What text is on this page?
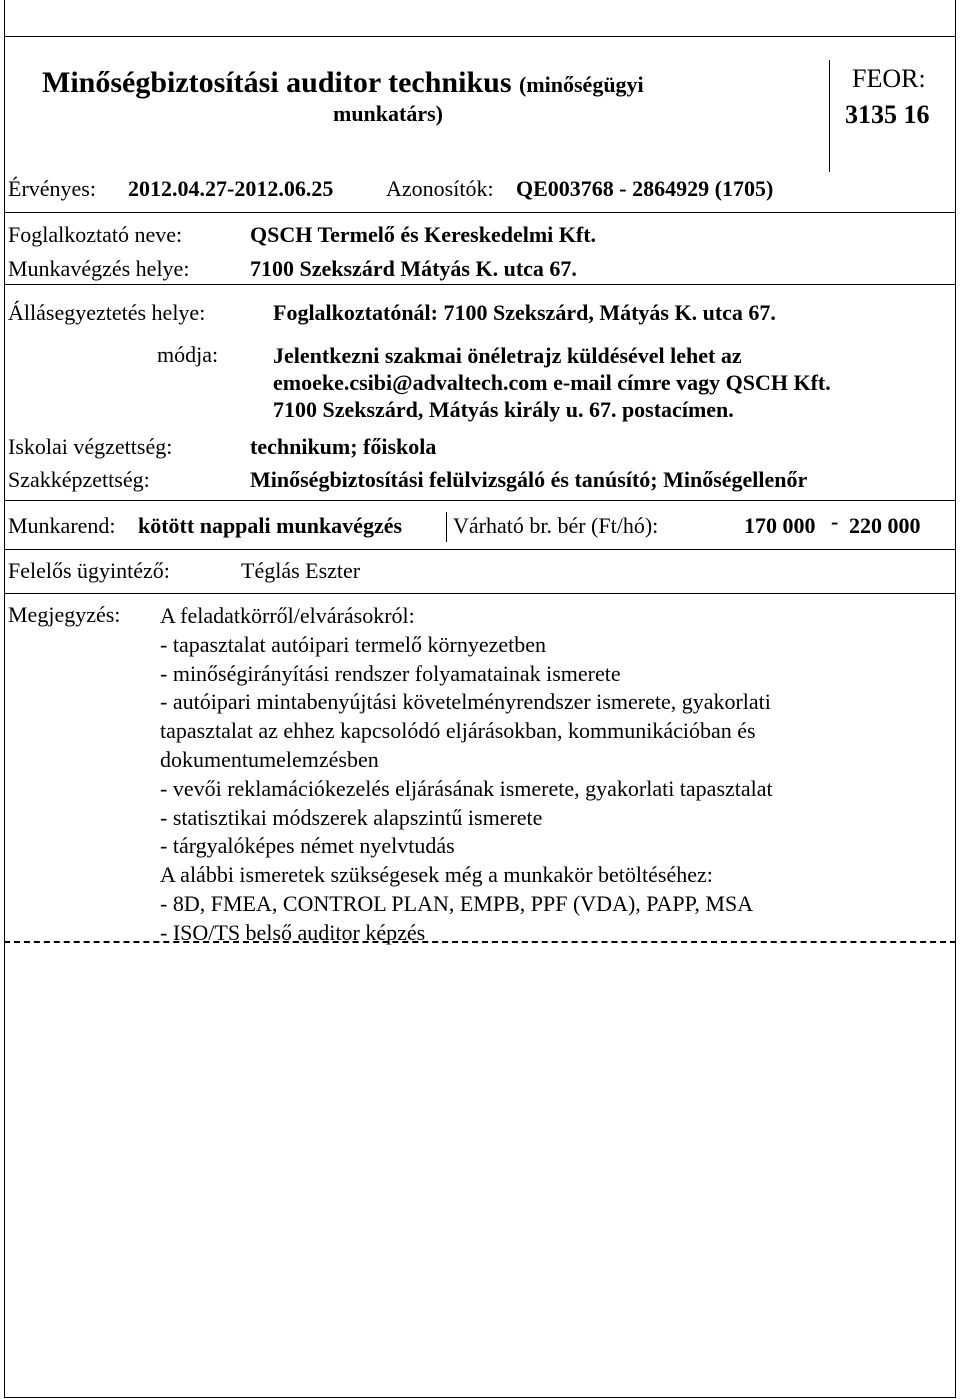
Minőségbiztosítási auditor technikus (minőségügyi
munkatárs)
FEOR:
3135 16
Érvényes: 2012.04.27-2012.06.25 Azonosítók: QE003768 - 2864929 (1705)
Foglalkoztató neve:	QSCH Termelő és Kereskedelmi Kft.
Munkavégzés helye:	7100 Szekszárd Mátyás K. utca 67.
Állásegyeztetés helye:	Foglalkoztatónál: 7100 Szekszárd, Mátyás K. utca 67.
módja: Jelentkezni szakmai önéletrajz küldésével lehet az
emoeke.csibi@advaltech.com e-mail címre vagy QSCH Kft.
7100 Szekszárd, Mátyás király u. 67. postacímen.
Iskolai végzettség:	technikum; főiskola
Szakképzettség:	Minőségbiztosítási felülvizsgáló és tanúsító; Minőségellenőr
Munkarend: kötött nappali munkavégzés Várható br. bér (Ft/hó):	170 000 - 220 000
Felelős ügyintéző:	Téglás Eszter
Megjegyzés: A feladatkörről/elvárásokról:
- tapasztalat autóipari termelő környezetben
- minőségirányítási rendszer folyamatainak ismerete
- autóipari mintabenyújtási követelményrendszer ismerete, gyakorlati
tapasztalat az ehhez kapcsolódó eljárásokban, kommunikációban és
dokumentumelemzésben
- vevői reklamációkezelés eljárásának ismerete, gyakorlati tapasztalat
- statisztikai módszerek alapszintű ismerete
- tárgyalóképes német nyelvtudás
A alábbi ismeretek szükségesek még a munkakör betöltéséhez:
- 8D, FMEA, CONTROL PLAN, EMPB, PPF (VDA), PAPP, MSA
- ISO/TS belső auditor képzés
